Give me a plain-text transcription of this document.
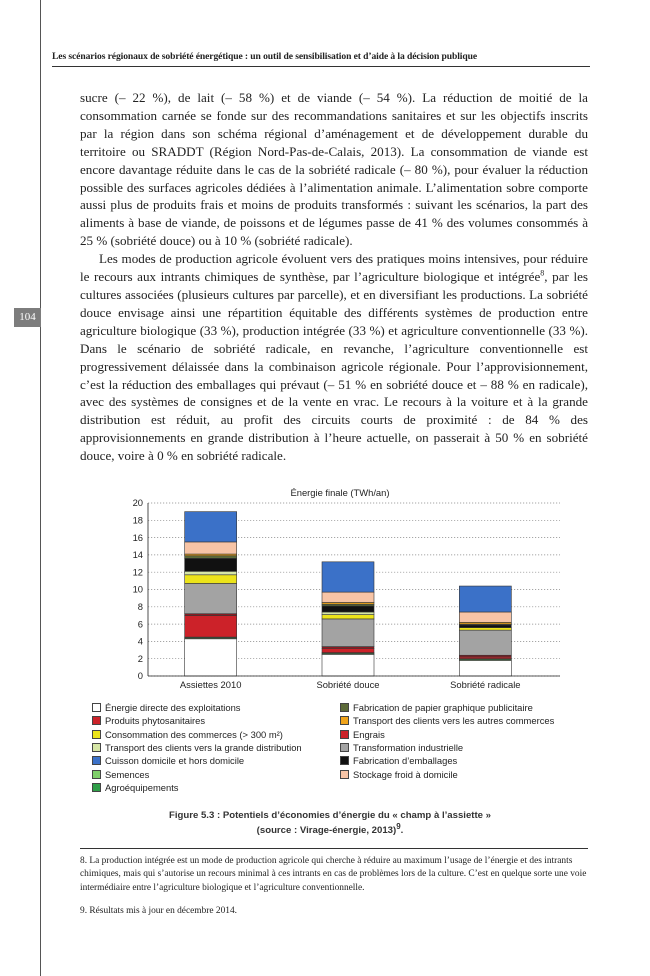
Les scénarios régionaux de sobriété énergétique : un outil de sensibilisation et d’aide à la décision publique
104

sucre (– 22 %), de lait (– 58 %) et de viande (– 54 %). La réduction de moitié de la consommation carnée se fonde sur des recommandations sanitaires et sur les objectifs inscrits par la région dans son schéma régional d’aménagement et de développement durable du territoire ou SRADDT (Région Nord-Pas-de-Calais, 2013). La consommation de viande est encore davantage réduite dans le cas de la sobriété radicale (– 80 %), pour évaluer la réduction possible des surfaces agricoles dédiées à l’alimentation animale. L’alimentation sobre comporte aussi plus de produits frais et moins de produits transformés : suivant les scénarios, la part des aliments à base de viande, de poissons et de légumes passe de 41 % des volumes consommés à 25 % (sobriété douce) ou à 10 % (sobriété radicale).

Les modes de production agricole évoluent vers des pratiques moins intensives, pour réduire le recours aux intrants chimiques de synthèse, par l’agriculture biologique et intégrée$^8$, par les cultures associées (plusieurs cultures par parcelle), et en diversifiant les productions. La sobriété douce envisage ainsi une répartition équitable des différents systèmes de production entre agriculture biologique (33 %), production intégrée (33 %) et agriculture conventionnelle (33 %). Dans le scénario de sobriété radicale, en revanche, l’agriculture conventionnelle est progressivement délaissée dans la combinaison agricole régionale. Pour l’approvisionnement, c’est la réduction des emballages qui prévaut (– 51 % en sobriété douce et – 88 % en radicale), avec des systèmes de consignes et de la vente en vrac. Le recours à la voiture et à la grande distribution est réduit, au profit des circuits courts de proximité : de 84 % des approvisionnements en grande distribution à l’heure actuelle, on passerait à 50 % en sobriété douce, voire à 0 % en sobriété radicale.

Énergie finale (TWh/an)
0
2
4
6
8
10
12
14
16
18
20
Assiettes 2010	Sobriété douce	Sobriété radicale
Énergie directe des exploitations
Produits phytosanitaires
Consommation des commerces (> 300 m²)
Transport des clients vers la grande distribution
Cuisson domicile et hors domicile
Semences
Agroéquipements
Fabrication de papier graphique publicitaire
Transport des clients vers les autres commerces
Engrais
Transformation industrielle
Fabrication d’emballages
Stockage froid à domicile
Figure 5.3 : Potentiels d’économies d’énergie du « champ à l’assiette »
(source : Virage-énergie, 2013)$^9$.
8. La production intégrée est un mode de production agricole qui cherche à réduire au maximum l’usage de l’énergie et des intrants chimiques, mais qui s’autorise un recours minimal à ces intrants en cas de problèmes lors de la culture. C’est en quelque sorte une voie intermédiaire entre l’agriculture biologique et l’agriculture conventionnelle.
9. Résultats mis à jour en décembre 2014.
